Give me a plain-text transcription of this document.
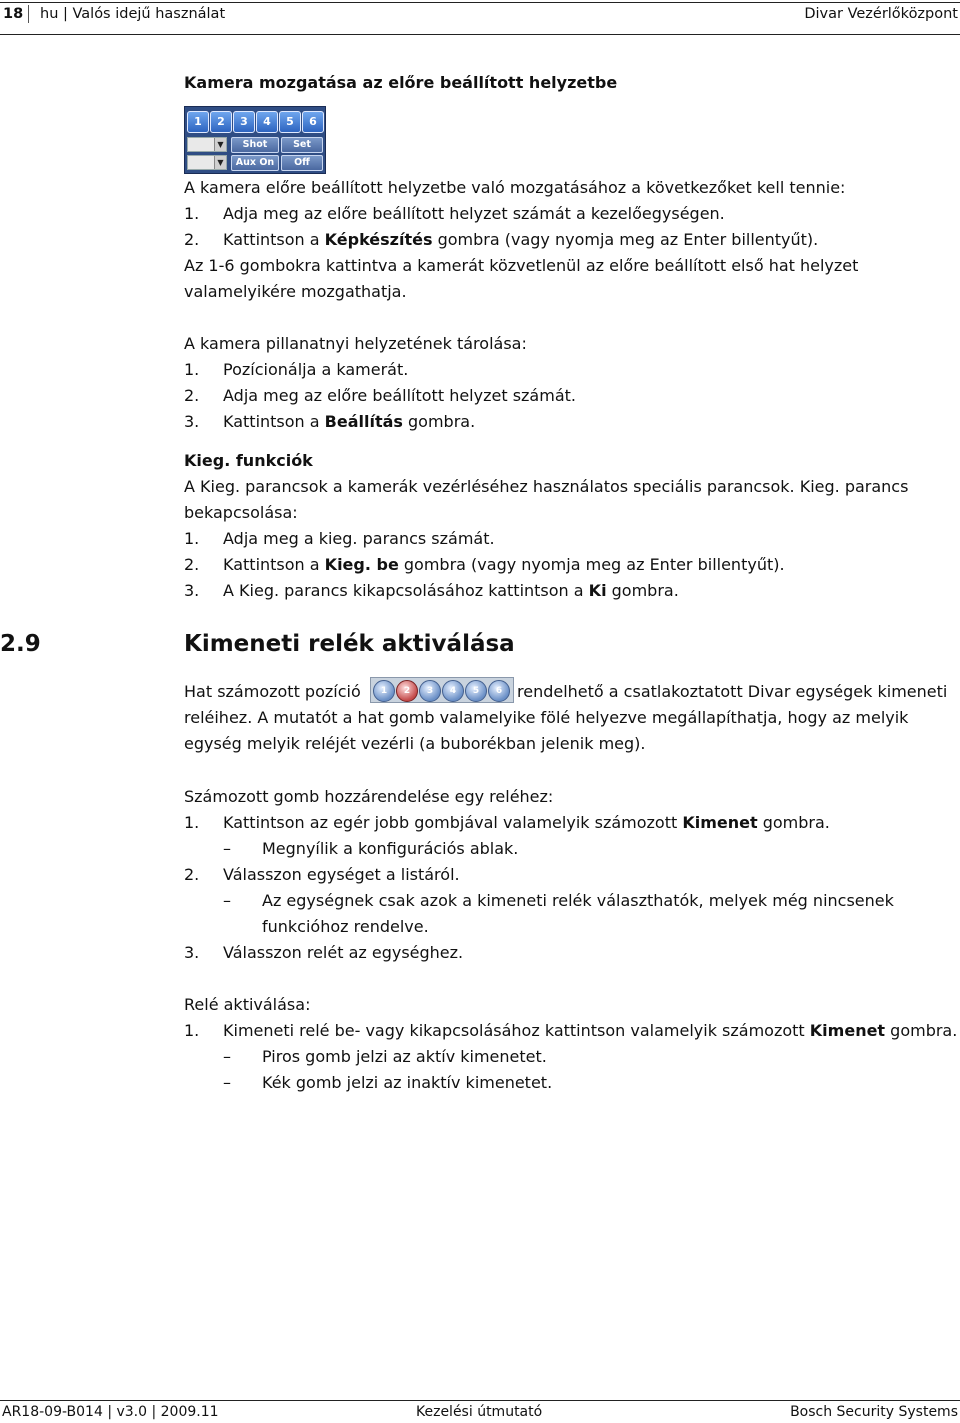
18 hu | Valós idejű használat	Divar Vezérlőközpont
Kamera mozgatása az előre beállított helyzetbe
1	2	3	4	5	6
▼	Shot	Set
▼	Aux On	Off
A kamera előre beállított helyzetbe való mozgatásához a következőket kell tennie:
1. Adja meg az előre beállított helyzet számát a kezelőegységen.
2. Kattintson a Képkészítés gombra (vagy nyomja meg az Enter billentyűt).
Az 1-6 gombokra kattintva a kamerát közvetlenül az előre beállított első hat helyzet
valamelyikére mozgathatja.
A kamera pillanatnyi helyzetének tárolása:
1. Pozícionálja a kamerát.
2. Adja meg az előre beállított helyzet számát.
3. Kattintson a Beállítás gombra.
Kieg. funkciók
A Kieg. parancsok a kamerák vezérléséhez használatos speciális parancsok. Kieg. parancs
bekapcsolása:
1. Adja meg a kieg. parancs számát.
2. Kattintson a Kieg. be gombra (vagy nyomja meg az Enter billentyűt).
3. A Kieg. parancs kikapcsolásához kattintson a Ki gombra.
2.9	Kimeneti relék aktiválása
Hat számozott pozíció	1	2	3	4	5	6 rendelhető a csatlakoztatott Divar egységek kimeneti
reléihez. A mutatót a hat gomb valamelyike fölé helyezve megállapíthatja, hogy az melyik
egység melyik reléjét vezérli (a buborékban jelenik meg).
Számozott gomb hozzárendelése egy reléhez:
1. Kattintson az egér jobb gombjával valamelyik számozott Kimenet gombra.
– Megnyílik a konfigurációs ablak.
2. Válasszon egységet a listáról.
– Az egységnek csak azok a kimeneti relék választhatók, melyek még nincsenek
funkcióhoz rendelve.
3. Válasszon relét az egységhez.
Relé aktiválása:
1. Kimeneti relé be- vagy kikapcsolásához kattintson valamelyik számozott Kimenet gombra.
– Piros gomb jelzi az aktív kimenetet.
– Kék gomb jelzi az inaktív kimenetet.
AR18-09-B014 | v3.0 | 2009.11	Kezelési útmutató	Bosch Security Systems
